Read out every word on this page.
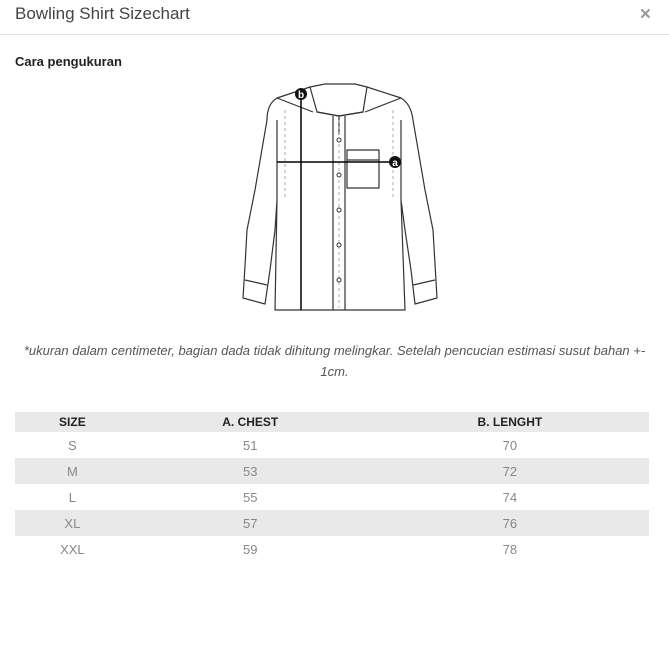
Bowling Shirt Sizechart	×
Cara pengukuran
a
b
*ukuran dalam centimeter, bagian dada tidak dihitung melingkar. Setelah pencucian estimasi susut bahan +- 1cm.
SIZE	A. CHEST	B. LENGHT
S	51	70
M	53	72
L	55	74
XL	57	76
XXL	59	78
